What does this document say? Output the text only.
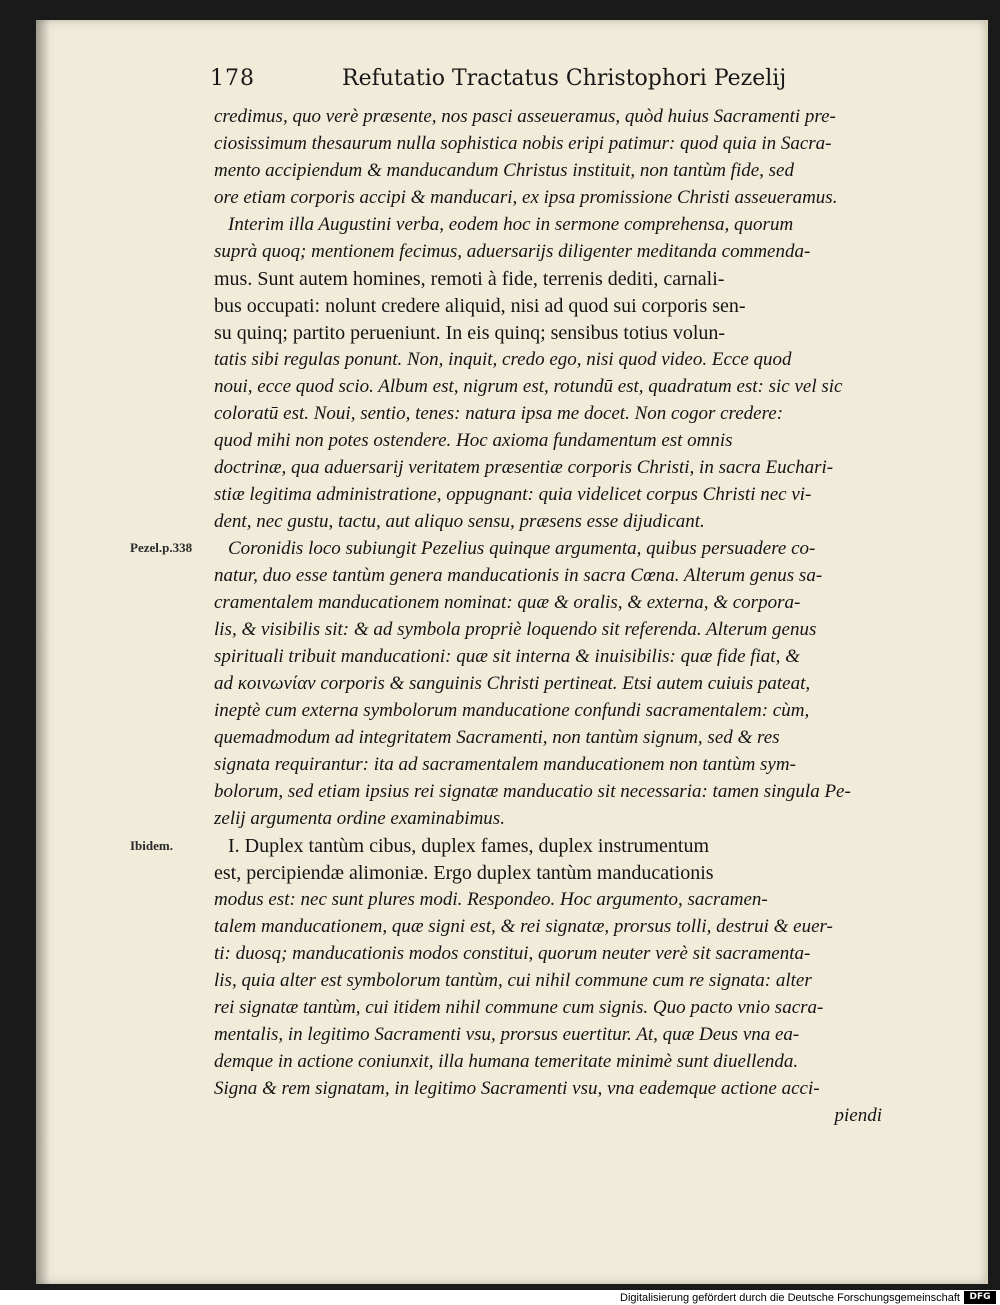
178	Refutatio Tractatus Christophori Pezelij
Pezel.p.338
Ibidem.
credimus, quo verè præsente, nos pasci asseueramus, quòd huius Sacramenti pre-
ciosissimum thesaurum nulla sophistica nobis eripi patimur: quod quia in Sacra-
mento accipiendum & manducandum Christus instituit, non tantùm fide, sed
ore etiam corporis accipi & manducari, ex ipsa promissione Christi asseueramus.
Interim illa Augustini verba, eodem hoc in sermone comprehensa, quorum
suprà quoq; mentionem fecimus, aduersarijs diligenter meditanda commenda-
mus. Sunt autem homines, remoti à fide, terrenis dediti, carnali-
bus occupati: nolunt credere aliquid, nisi ad quod sui corporis sen-
su quinq; partito perueniunt. In eis quinq; sensibus totius volun-
tatis sibi regulas ponunt. Non, inquit, credo ego, nisi quod video. Ecce quod
noui, ecce quod scio. Album est, nigrum est, rotundū est, quadratum est: sic vel sic
coloratū est. Noui, sentio, tenes: natura ipsa me docet. Non cogor credere:
quod mihi non potes ostendere. Hoc axioma fundamentum est omnis
doctrinæ, qua aduersarij veritatem præsentiæ corporis Christi, in sacra Euchari-
stiæ legitima administratione, oppugnant: quia videlicet corpus Christi nec vi-
dent, nec gustu, tactu, aut aliquo sensu, præsens esse dijudicant.
Coronidis loco subiungit Pezelius quinque argumenta, quibus persuadere co-
natur, duo esse tantùm genera manducationis in sacra Cœna. Alterum genus sa-
cramentalem manducationem nominat: quæ & oralis, & externa, & corpora-
lis, & visibilis sit: & ad symbola propriè loquendo sit referenda. Alterum genus
spirituali tribuit manducationi: quæ sit interna & inuisibilis: quæ fide fiat, &
ad κοινωνίαν corporis & sanguinis Christi pertineat. Etsi autem cuiuis pateat,
ineptè cum externa symbolorum manducatione confundi sacramentalem: cùm,
quemadmodum ad integritatem Sacramenti, non tantùm signum, sed & res
signata requirantur: ita ad sacramentalem manducationem non tantùm sym-
bolorum, sed etiam ipsius rei signatæ manducatio sit necessaria: tamen singula Pe-
zelij argumenta ordine examinabimus.
I. Duplex tantùm cibus, duplex fames, duplex instrumentum
est, percipiendæ alimoniæ. Ergo duplex tantùm manducationis
modus est: nec sunt plures modi. Respondeo. Hoc argumento, sacramen-
talem manducationem, quæ signi est, & rei signatæ, prorsus tolli, destrui & euer-
ti: duosq; manducationis modos constitui, quorum neuter verè sit sacramenta-
lis, quia alter est symbolorum tantùm, cui nihil commune cum re signata: alter
rei signatæ tantùm, cui itidem nihil commune cum signis. Quo pacto vnio sacra-
mentalis, in legitimo Sacramenti vsu, prorsus euertitur. At, quæ Deus vna ea-
demque in actione coniunxit, illa humana temeritate minimè sunt diuellenda.
Signa & rem signatam, in legitimo Sacramenti vsu, vna eademque actione acci-
piendi
Digitalisierung gefördert durch die Deutsche Forschungsgemeinschaft	DFG
